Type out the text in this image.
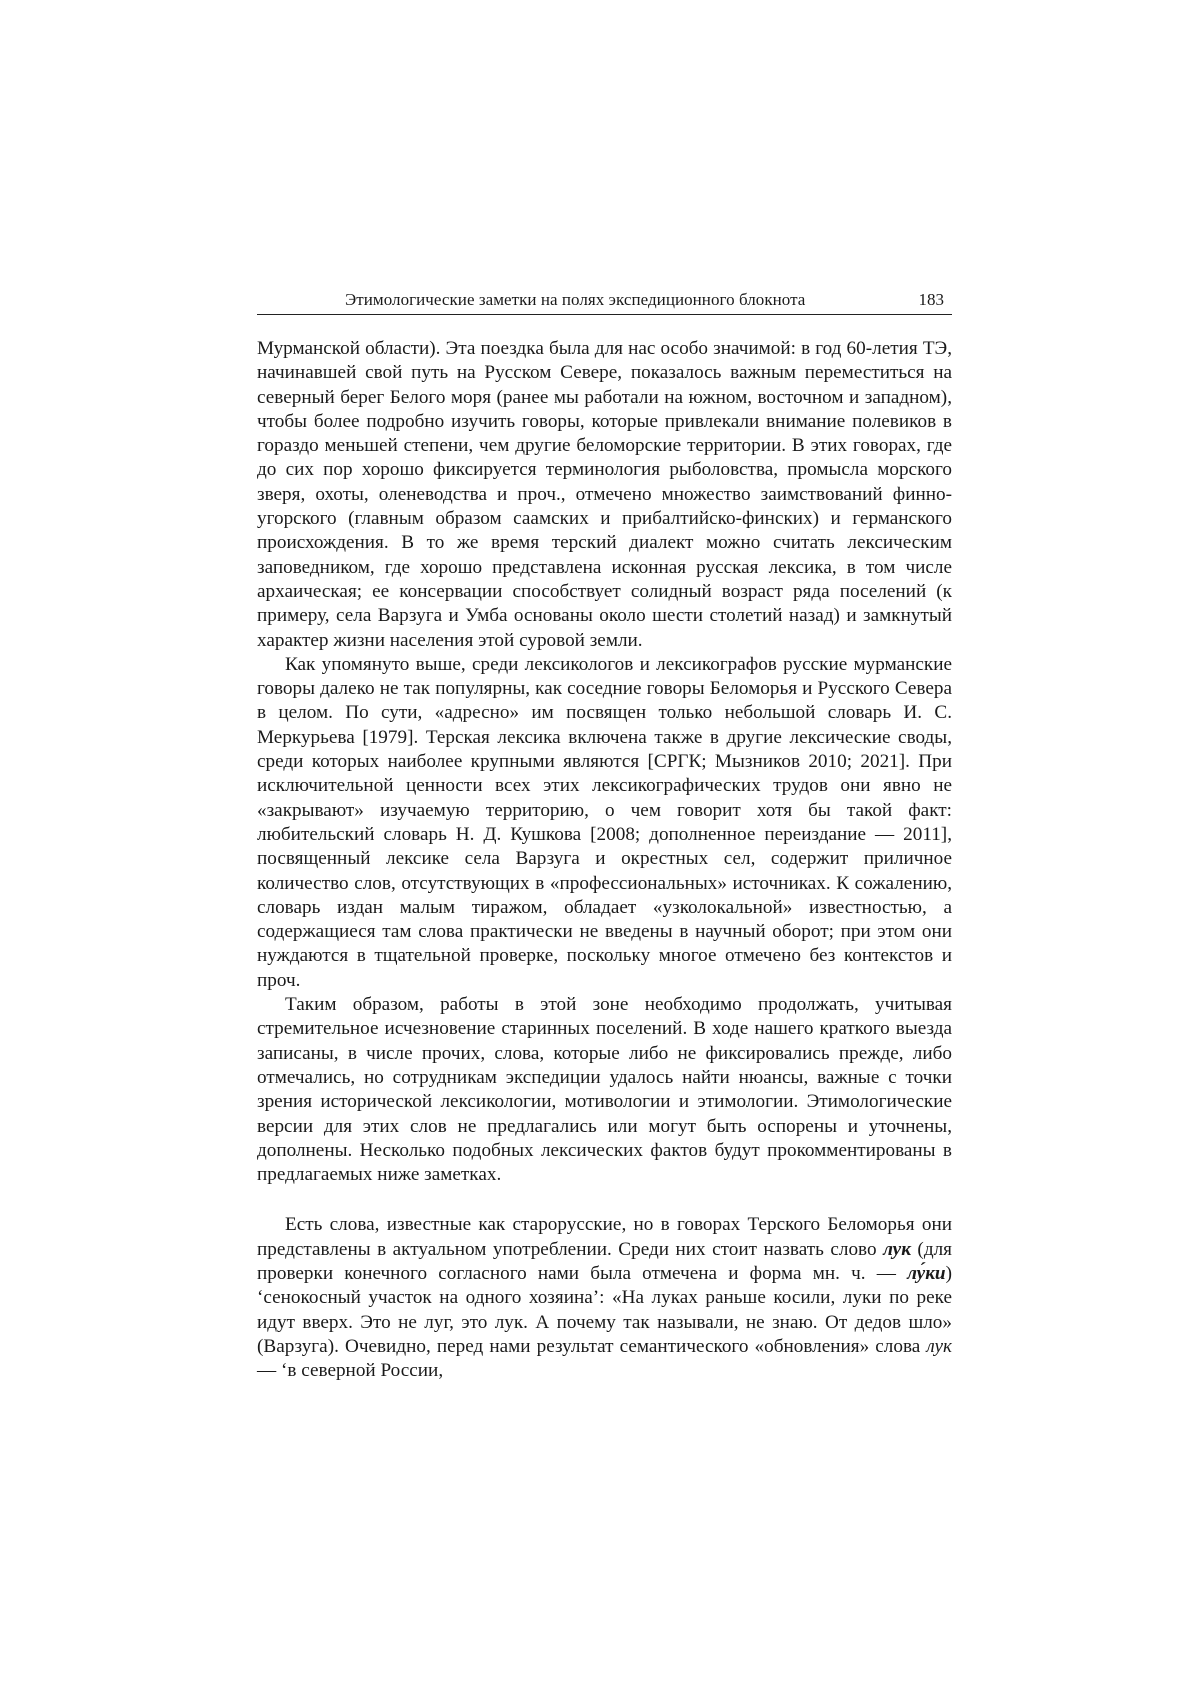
Этимологические заметки на полях экспедиционного блокнота	183

Мурманской области). Эта поездка была для нас особо значимой: в год 60-летия ТЭ, начинавшей свой путь на Русском Севере, показалось важным переместиться на северный берег Белого моря (ранее мы работали на южном, восточном и западном), чтобы более подробно изучить говоры, которые привлекали внимание полевиков в гораздо меньшей степени, чем другие беломорские территории. В этих говорах, где до сих пор хорошо фиксируется терминология рыболовства, промысла морского зверя, охоты, оленеводства и проч., отмечено множество заимствований финно-угорского (главным образом саамских и прибалтийско-финских) и германского происхождения. В то же время терский диалект можно считать лексическим заповедником, где хорошо представлена исконная русская лексика, в том числе архаическая; ее консервации способствует солидный возраст ряда поселений (к примеру, села Варзуга и Умба основаны около шести столетий назад) и замкнутый характер жизни населения этой суровой земли.

Как упомянуто выше, среди лексикологов и лексикографов русские мурманские говоры далеко не так популярны, как соседние говоры Беломорья и Русского Севера в целом. По сути, «адресно» им посвящен только небольшой словарь И. С. Меркурьева [1979]. Терская лексика включена также в другие лексические своды, среди которых наиболее крупными являются [СРГК; Мызников 2010; 2021]. При исключительной ценности всех этих лексикографических трудов они явно не «закрывают» изучаемую территорию, о чем говорит хотя бы такой факт: любительский словарь Н. Д. Кушкова [2008; дополненное переиздание — 2011], посвященный лексике села Варзуга и окрестных сел, содержит приличное количество слов, отсутствующих в «профессиональных» источниках. К сожалению, словарь издан малым тиражом, обладает «узколокальной» известностью, а содержащиеся там слова практически не введены в научный оборот; при этом они нуждаются в тщательной проверке, поскольку многое отмечено без контекстов и проч.

Таким образом, работы в этой зоне необходимо продолжать, учитывая стремительное исчезновение старинных поселений. В ходе нашего краткого выезда записаны, в числе прочих, слова, которые либо не фиксировались прежде, либо отмечались, но сотрудникам экспедиции удалось найти нюансы, важные с точки зрения исторической лексикологии, мотивологии и этимологии. Этимологические версии для этих слов не предлагались или могут быть оспорены и уточнены, дополнены. Несколько подобных лексических фактов будут прокомментированы в предлагаемых ниже заметках.

Есть слова, известные как старорусские, но в говорах Терского Беломорья они представлены в актуальном употреблении. Среди них стоит назвать слово лук (для проверки конечного согласного нами была отмечена и форма мн. ч. — лу́ки) ‘сенокосный участок на одного хозяина’: «На луках раньше косили, луки по реке идут вверх. Это не луг, это лук. А почему так называли, не знаю. От дедов шло» (Варзуга). Очевидно, перед нами результат семантического «обновления» слова лук — ‘в северной России,
